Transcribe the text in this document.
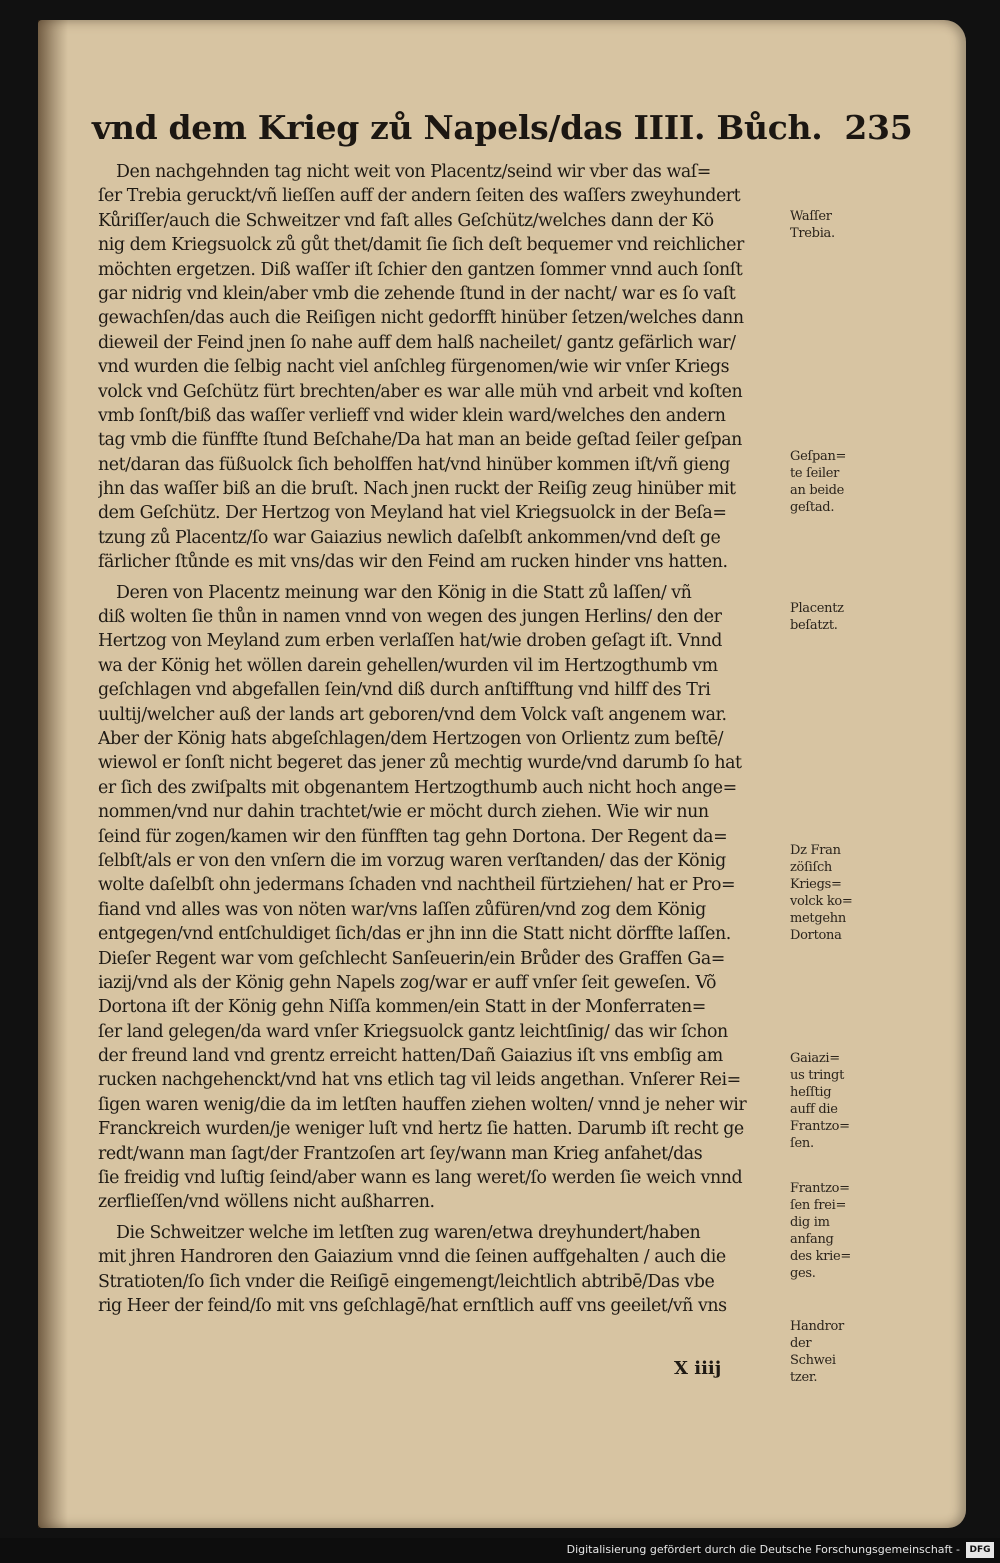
vnd dem Krieg zů Napels/das IIII. Bůch. 235
Den nachgehnden tag nicht weit von Placentz/seind wir vber das waſ=
ſer Trebia geruckt/vñ lieſſen auff der andern ſeiten des waſſers zweyhundert
Kůriſſer/auch die Schweitzer vnd faſt alles Geſchütz/welches dann der Kö
nig dem Kriegsuolck zů gůt thet/damit ſie ſich deſt bequemer vnd reichlicher
möchten ergetzen. Diß waſſer iſt ſchier den gantzen ſommer vnnd auch ſonſt
gar nidrig vnd klein/aber vmb die zehende ſtund in der nacht/ war es ſo vaſt
gewachſen/das auch die Reiſigen nicht gedorfft hinüber ſetzen/welches dann
dieweil der Feind jnen ſo nahe auff dem halß nacheilet/ gantz gefärlich war/
vnd wurden die ſelbig nacht viel anſchleg fürgenomen/wie wir vnſer Kriegs
volck vnd Geſchütz fürt brechten/aber es war alle müh vnd arbeit vnd koſten
vmb ſonſt/biß das waſſer verlieff vnd wider klein ward/welches den andern
tag vmb die fünffte ſtund Beſchahe/Da hat man an beide geſtad ſeiler geſpan
net/daran das füßuolck ſich beholffen hat/vnd hinüber kommen iſt/vñ gieng
jhn das waſſer biß an die bruſt. Nach jnen ruckt der Reiſig zeug hinüber mit
dem Geſchütz. Der Hertzog von Meyland hat viel Kriegsuolck in der Beſa=
tzung zů Placentz/ſo war Gaiazius newlich daſelbſt ankommen/vnd deſt ge
färlicher ſtůnde es mit vns/das wir den Feind am rucken hinder vns hatten.
Deren von Placentz meinung war den König in die Statt zů laſſen/ vñ
diß wolten ſie thůn in namen vnnd von wegen des jungen Herlins/ den der
Hertzog von Meyland zum erben verlaſſen hat/wie droben geſagt iſt. Vnnd
wa der König het wöllen darein gehellen/wurden vil im Hertzogthumb vm
geſchlagen vnd abgefallen ſein/vnd diß durch anſtifftung vnd hilff des Tri
uultij/welcher auß der lands art geboren/vnd dem Volck vaſt angenem war.
Aber der König hats abgeſchlagen/dem Hertzogen von Orlientz zum beſtē/
wiewol er ſonſt nicht begeret das jener zů mechtig wurde/vnd darumb ſo hat
er ſich des zwiſpalts mit obgenantem Hertzogthumb auch nicht hoch ange=
nommen/vnd nur dahin trachtet/wie er möcht durch ziehen. Wie wir nun
ſeind für zogen/kamen wir den fünfften tag gehn Dortona. Der Regent da=
ſelbſt/als er von den vnſern die im vorzug waren verſtanden/ das der König
wolte daſelbſt ohn jedermans ſchaden vnd nachtheil fürtziehen/ hat er Pro=
fiand vnd alles was von nöten war/vns laſſen zůfüren/vnd zog dem König
entgegen/vnd entſchuldiget ſich/das er jhn inn die Statt nicht dörffte laſſen.
Dieſer Regent war vom geſchlecht Sanſeuerin/ein Brůder des Graffen Ga=
iazij/vnd als der König gehn Napels zog/war er auff vnſer ſeit geweſen. Võ
Dortona iſt der König gehn Niſſa kommen/ein Statt in der Monferraten=
ſer land gelegen/da ward vnſer Kriegsuolck gantz leichtſinig/ das wir ſchon
der freund land vnd grentz erreicht hatten/Dañ Gaiazius iſt vns embſig am
rucken nachgehenckt/vnd hat vns etlich tag vil leids angethan. Vnſerer Rei=
ſigen waren wenig/die da im letſten hauffen ziehen wolten/ vnnd je neher wir
Franckreich wurden/je weniger luſt vnd hertz ſie hatten. Darumb iſt recht ge
redt/wann man ſagt/der Frantzoſen art ſey/wann man Krieg anfahet/das
ſie freidig vnd luſtig ſeind/aber wann es lang weret/ſo werden ſie weich vnnd
zerflieſſen/vnd wöllens nicht außharren.
Die Schweitzer welche im letſten zug waren/etwa dreyhundert/haben
mit jhren Handroren den Gaiazium vnnd die ſeinen auffgehalten / auch die
Stratioten/ſo ſich vnder die Reiſigē eingemengt/leichtlich abtribē/Das vbe
rig Heer der feind/ſo mit vns geſchlagē/hat ernſtlich auff vns geeilet/vñ vns
X iiij
Waſſer
Trebia.
Geſpan=
te ſeiler
an beide
geſtad.
Placentz
beſatzt.
Dz Fran
zöſiſch
Kriegs=
volck ko=
metgehn
Dortona
Gaiazi=
us tringt
heſſtig
auff die
Frantzo=
ſen.
Frantzo=
ſen frei=
dig im
anfang
des krie=
ges.
Handror
der
Schwei
tzer.
Digitalisierung gefördert durch die Deutsche Forschungsgemeinschaft -	DFG
